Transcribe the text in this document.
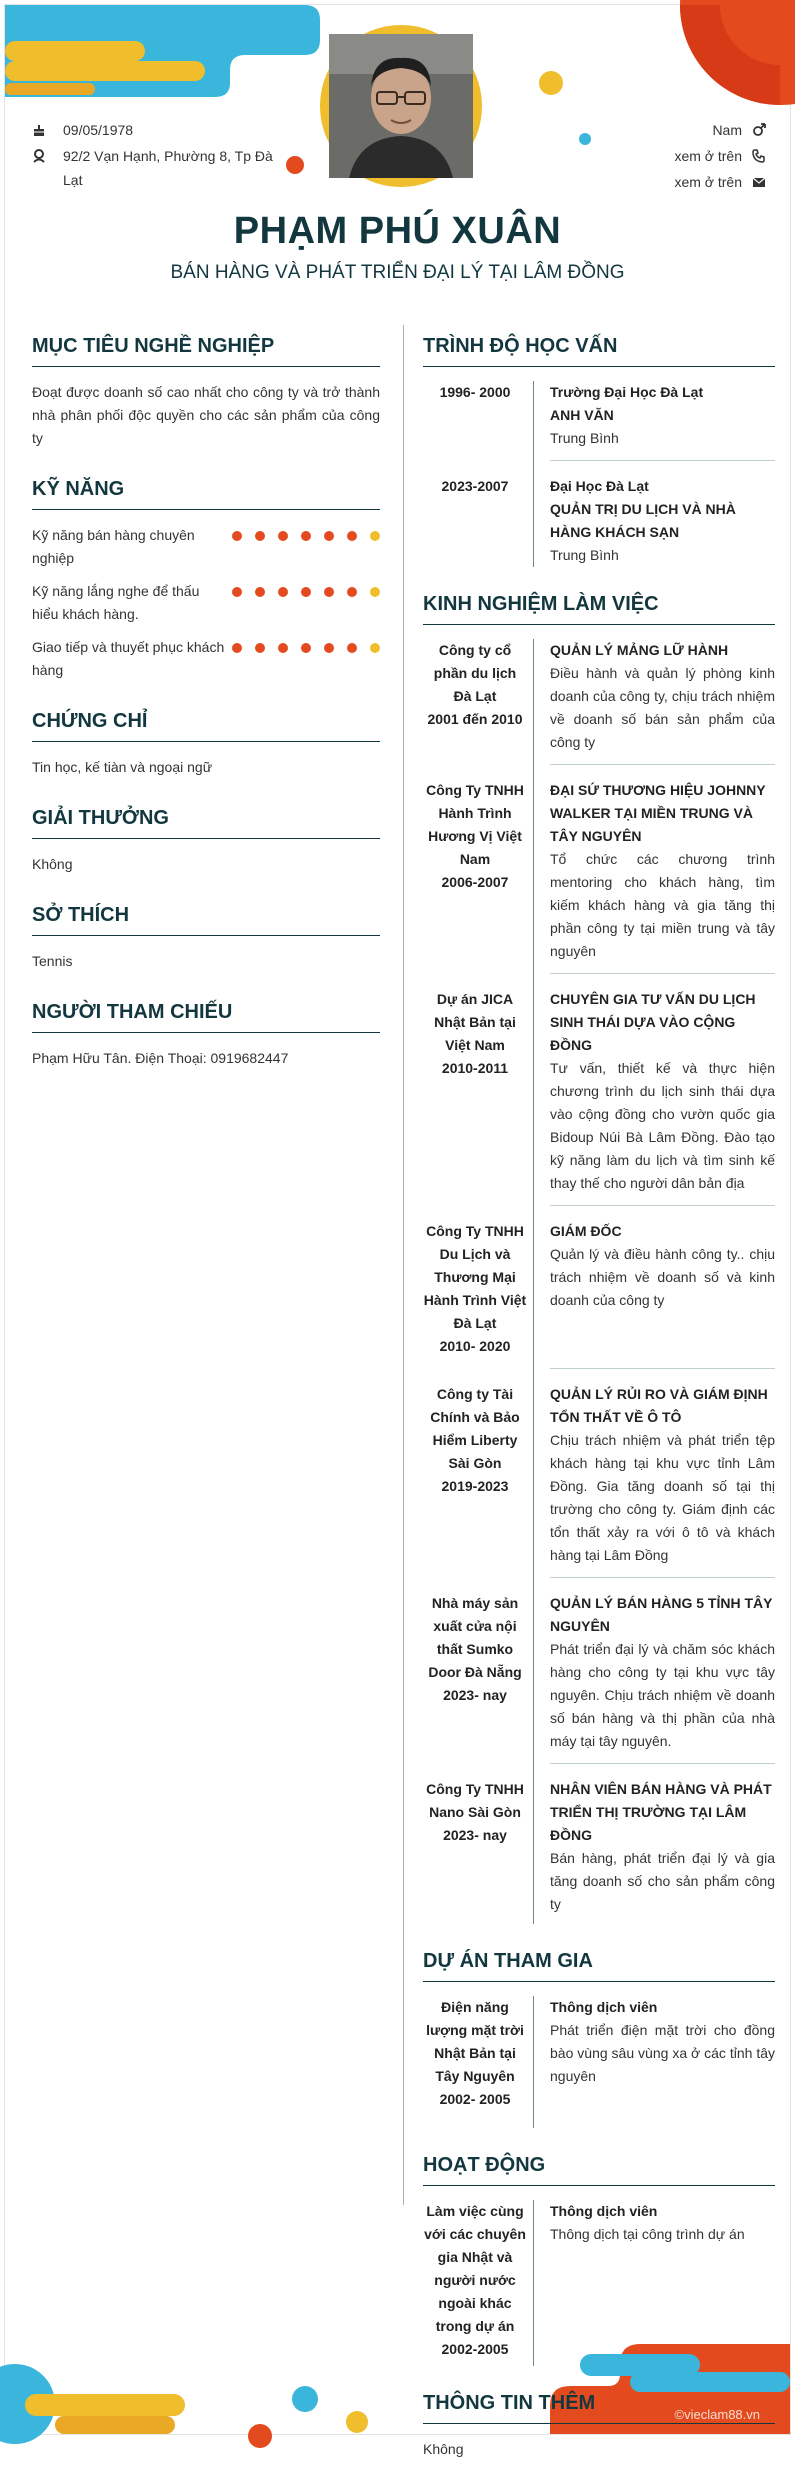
©vieclam88.vn
09/05/1978
92/2 Vạn Hạnh, Phường 8, Tp Đà Lạt
Nam
xem ở trên
xem ở trên
PHẠM PHÚ XUÂN
BÁN HÀNG VÀ PHÁT TRIỂN ĐẠI LÝ TẠI LÂM ĐỒNG
MỤC TIÊU NGHỀ NGHIỆP
Đoạt được doanh số cao nhất cho công ty và trở thành nhà phân phối độc quyền cho các sản phẩm của công ty
KỸ NĂNG
Kỹ năng bán hàng chuyên nghiệp
Kỹ năng lắng nghe để thấu hiểu khách hàng.
Giao tiếp và thuyết phục khách hàng
CHỨNG CHỈ
Tin học, kế tiàn và ngoại ngữ
GIẢI THƯỞNG
Không
SỞ THÍCH
Tennis
NGƯỜI THAM CHIẾU
Phạm Hữu Tân. Điện Thoại: 0919682447
TRÌNH ĐỘ HỌC VẤN
1996- 2000	Trường Đại Học Đà Lạt
ANH VĂN
Trung Bình
2023-2007	Đại Học Đà Lạt
QUẢN TRỊ DU LỊCH VÀ NHÀ HÀNG KHÁCH SẠN
Trung Bình
KINH NGHIỆM LÀM VIỆC
Công ty cổ phần du lịch Đà Lạt
2001 đến 2010
QUẢN LÝ MẢNG LỮ HÀNH
Điều hành và quản lý phòng kinh doanh của công ty, chịu trách nhiệm về doanh số bán sản phẩm của công ty
Công Ty TNHH Hành Trình Hương Vị Việt Nam
2006-2007
ĐẠI SỨ THƯƠNG HIỆU JOHNNY WALKER TẠI MIỀN TRUNG VÀ TÂY NGUYÊN
Tổ chức các chương trình mentoring cho khách hàng, tìm kiếm khách hàng và gia tăng thị phần công ty tại miền trung và tây nguyên
Dự án JICA Nhật Bản tại Việt Nam
2010-2011
CHUYÊN GIA TƯ VẤN DU LỊCH SINH THÁI DỰA VÀO CỘNG ĐỒNG
Tư vấn, thiết kế và thực hiện chương trình du lịch sinh thái dựa vào cộng đồng cho vườn quốc gia Bidoup Núi Bà Lâm Đồng. Đào tạo kỹ năng làm du lịch và tìm sinh kế thay thế cho người dân bản địa
Công Ty TNHH Du Lịch và Thương Mại Hành Trình Việt Đà Lạt
2010- 2020
GIÁM ĐỐC
Quản lý và điều hành công ty.. chịu trách nhiệm về doanh số và kinh doanh của công ty
Công ty Tài Chính và Bảo Hiểm Liberty Sài Gòn
2019-2023
QUẢN LÝ RỦI RO VÀ GIÁM ĐỊNH TỔN THẤT VỀ Ô TÔ
Chịu trách nhiệm và phát triển tệp khách hàng tại khu vực tỉnh Lâm Đồng. Gia tăng doanh số tại thị trường cho công ty. Giám định các tổn thất xảy ra với ô tô và khách hàng tại Lâm Đồng
Nhà máy sản xuất cửa nội thất Sumko Door Đà Nẵng
2023- nay
QUẢN LÝ BÁN HÀNG 5 TỈNH TÂY NGUYÊN
Phát triển đại lý và chăm sóc khách hàng cho công ty tại khu vực tây nguyên. Chịu trách nhiệm về doanh số bán hàng và thị phần của nhà máy tại tây nguyên.
Công Ty TNHH Nano Sài Gòn
2023- nay
NHÂN VIÊN BÁN HÀNG VÀ PHÁT TRIỂN THỊ TRƯỜNG TẠI LÂM ĐỒNG
Bán hàng, phát triển đại lý và gia tăng doanh số cho sản phẩm công ty
DỰ ÁN THAM GIA
Điện năng lượng mặt trời Nhật Bản tại Tây Nguyên
2002- 2005
Thông dịch viên
Phát triển điện mặt trời cho đồng bào vùng sâu vùng xa ở các tỉnh tây nguyên
HOẠT ĐỘNG
Làm việc cùng với các chuyên gia Nhật và người nước ngoài khác trong dự án
2002-2005
Thông dịch viên
Thông dịch tại công trình dự án
THÔNG TIN THÊM
Không
